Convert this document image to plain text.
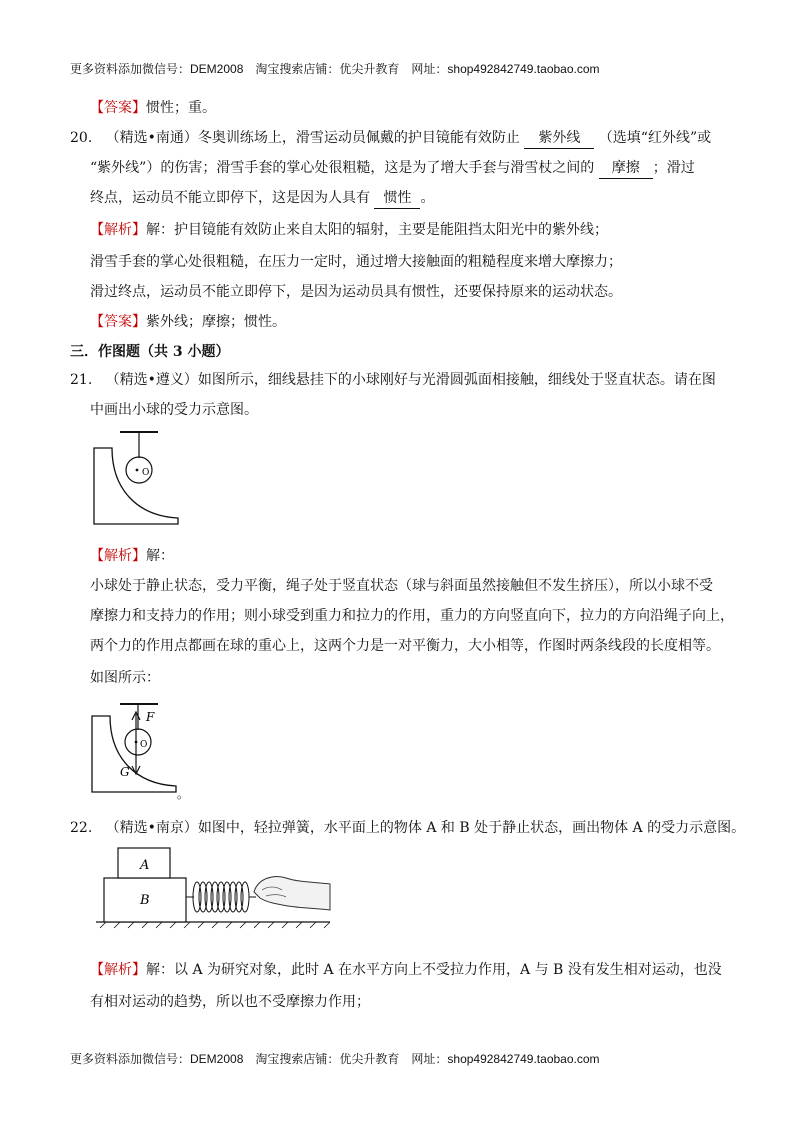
更多资料添加微信号：DEM2008 淘宝搜索店铺：优尖升教育 网址：shop492842749.taobao.com
【答案】惯性；重。
20. （精选•南通）冬奥训练场上，滑雪运动员佩戴的护目镜能有效防止 紫外线 （选填“红外线”或
“紫外线”）的伤害；滑雪手套的掌心处很粗糙，这是为了增大手套与滑雪杖之间的 摩擦 ；滑过
终点，运动员不能立即停下，这是因为人具有 惯性 。
【解析】解：护目镜能有效防止来自太阳的辐射，主要是能阻挡太阳光中的紫外线；
滑雪手套的掌心处很粗糙，在压力一定时，通过增大接触面的粗糙程度来增大摩擦力；
滑过终点，运动员不能立即停下，是因为运动员具有惯性，还要保持原来的运动状态。
【答案】紫外线；摩擦；惯性。
三．作图题（共 3 小题）
21. （精选•遵义）如图所示，细线悬挂下的小球刚好与光滑圆弧面相接触，细线处于竖直状态。请在图
中画出小球的受力示意图。
O
【解析】解：
小球处于静止状态，受力平衡，绳子处于竖直状态（球与斜面虽然接触但不发生挤压），所以小球不受
摩擦力和支持力的作用；则小球受到重力和拉力的作用，重力的方向竖直向下，拉力的方向沿绳子向上，
两个力的作用点都画在球的重心上，这两个力是一对平衡力，大小相等，作图时两条线段的长度相等。
如图所示：
F
G
O
。
22. （精选•南京）如图中，轻拉弹簧，水平面上的物体 A 和 B 处于静止状态，画出物体 A 的受力示意图。
B
A
【解析】解：以 A 为研究对象，此时 A 在水平方向上不受拉力作用，A 与 B 没有发生相对运动，也没
有相对运动的趋势，所以也不受摩擦力作用；
更多资料添加微信号：DEM2008 淘宝搜索店铺：优尖升教育 网址：shop492842749.taobao.com
